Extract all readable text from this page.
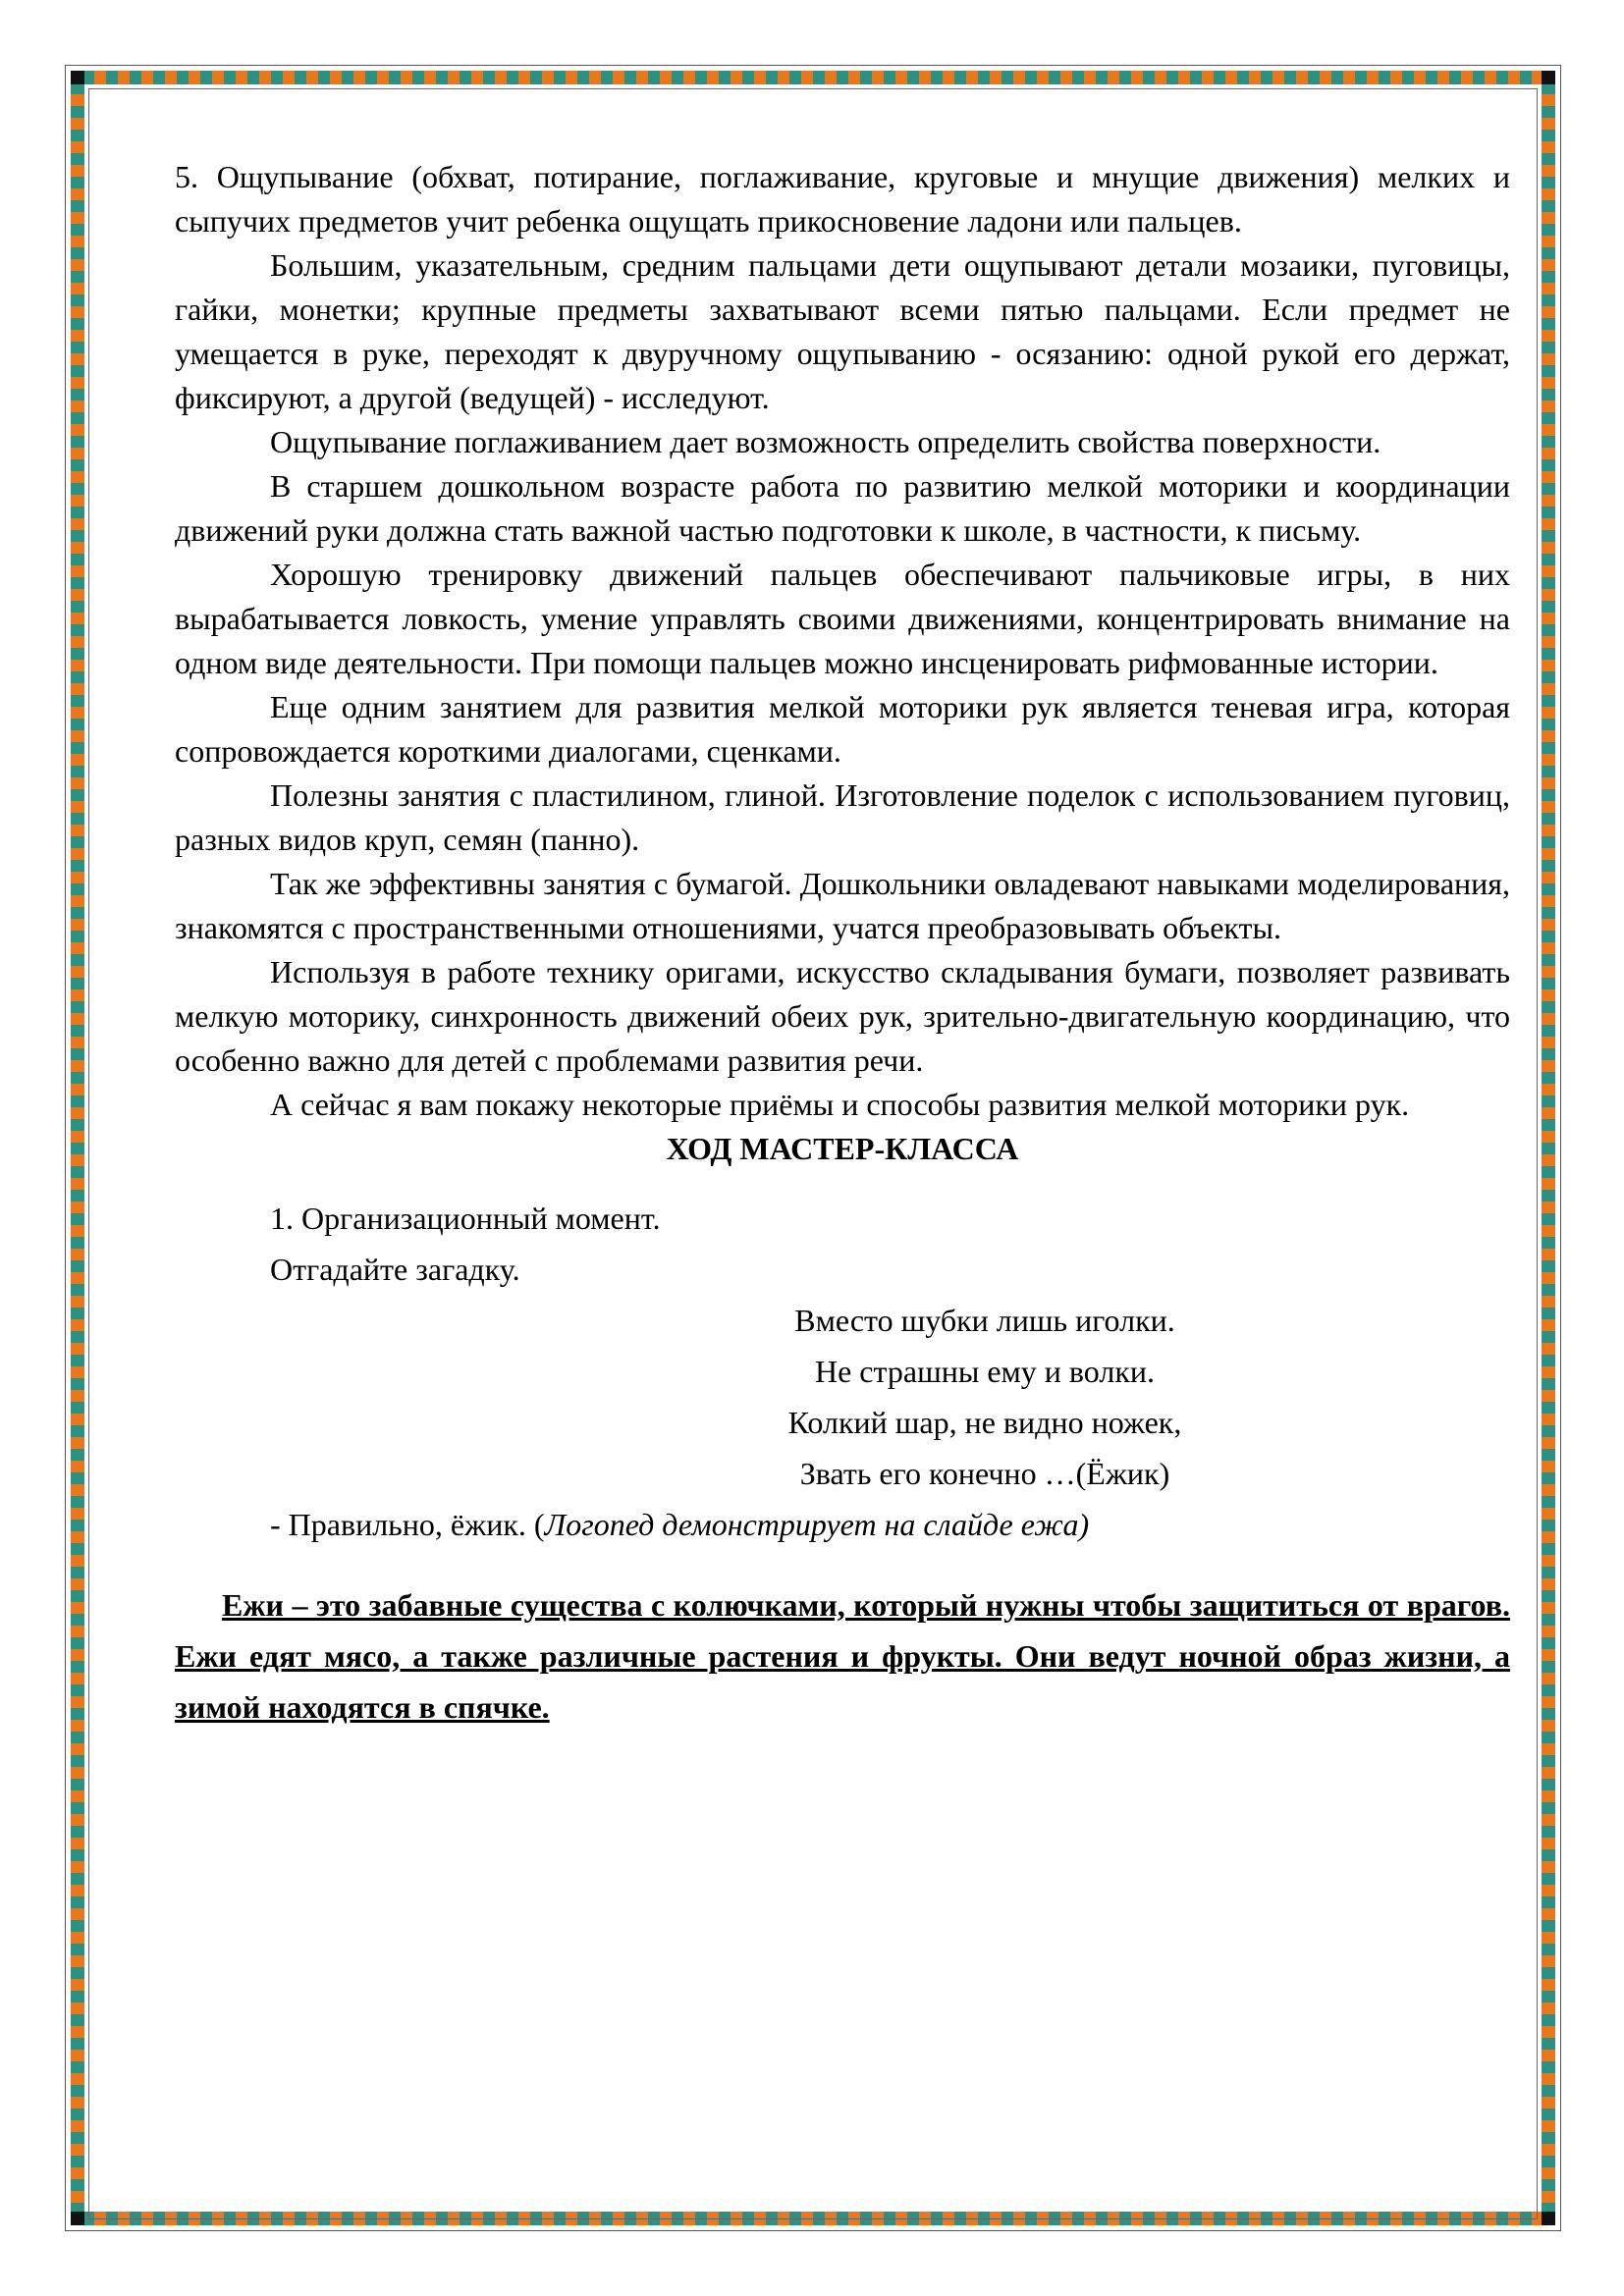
5. Ощупывание (обхват, потирание, поглаживание, круговые и мнущие движения) мелких и сыпучих предметов учит ребенка ощущать прикосновение ладони или пальцев.

Большим, указательным, средним пальцами дети ощупывают детали мозаики, пуговицы, гайки, монетки; крупные предметы захватывают всеми пятью пальцами. Если предмет не умещается в руке, переходят к двуручному ощупыванию - осязанию: одной рукой его держат, фиксируют, а другой (ведущей) - исследуют.

Ощупывание поглаживанием дает возможность определить свойства поверхности.

В старшем дошкольном возрасте работа по развитию мелкой моторики и координации движений руки должна стать важной частью подготовки к школе, в частности, к письму.

Хорошую тренировку движений пальцев обеспечивают пальчиковые игры, в них вырабатывается ловкость, умение управлять своими движениями, концентрировать внимание на одном виде деятельности. При помощи пальцев можно инсценировать рифмованные истории.

Еще одним занятием для развития мелкой моторики рук является теневая игра, которая сопровождается короткими диалогами, сценками.

Полезны занятия с пластилином, глиной. Изготовление поделок с использованием пуговиц, разных видов круп, семян (панно).

Так же эффективны занятия с бумагой. Дошкольники овладевают навыками моделирования, знакомятся с пространственными отношениями, учатся преобразовывать объекты.

Используя в работе технику оригами, искусство складывания бумаги, позволяет развивать мелкую моторику, синхронность движений обеих рук, зрительно-двигательную координацию, что особенно важно для детей с проблемами развития речи.

А сейчас я вам покажу некоторые приёмы и способы развития мелкой моторики рук.

ХОД МАСТЕР-КЛАССА

1. Организационный момент.

Отгадайте загадку.

Вместо шубки лишь иголки.

Не страшны ему и волки.

Колкий шар, не видно ножек,

Звать его конечно …(Ёжик)

- Правильно, ёжик. (Логопед демонстрирует на слайде ежа)

Ежи – это забавные существа с колючками, который нужны чтобы защититься от врагов. Ежи едят мясо, а также различные растения и фрукты. Они ведут ночной образ жизни, а зимой находятся в спячке.
